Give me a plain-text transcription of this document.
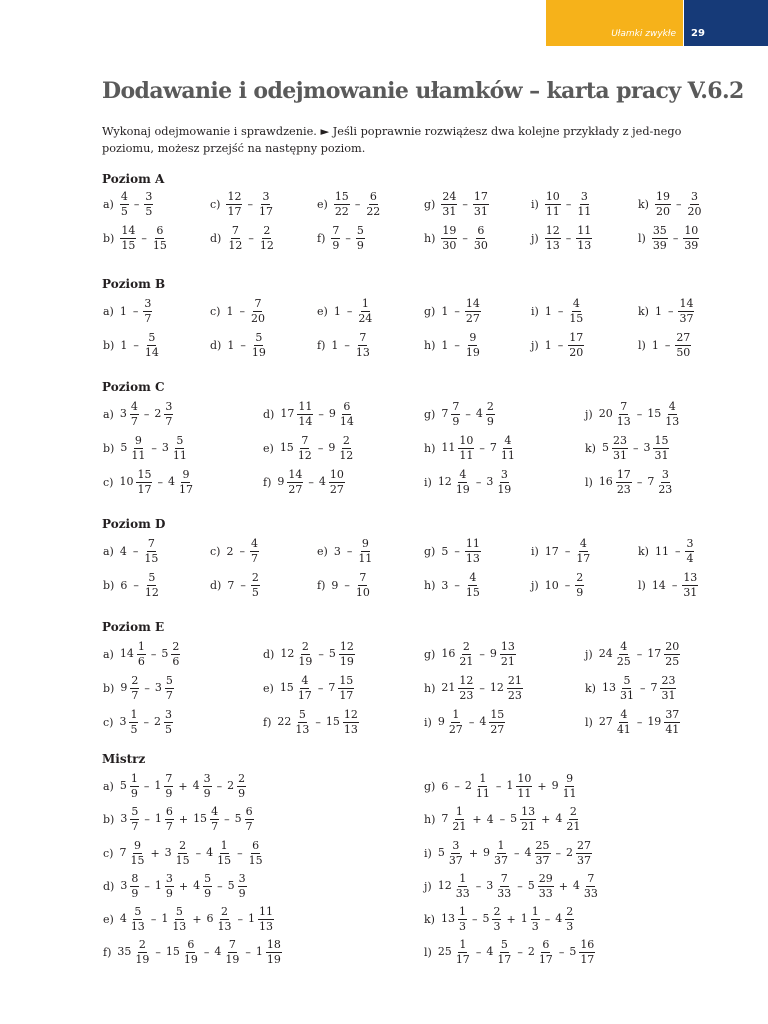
Ułamki zwykłe 29
Dodawanie i odejmowanie ułamków – karta pracy V.6.2

Wykonaj odejmowanie i sprawdzenie. ► Jeśli poprawnie rozwiążesz dwa kolejne przykłady z jed-nego poziomu, możesz przejść na następny poziom.

Poziom A
$a) \frac{4}{5} - \frac{3}{5}$	$c) \frac{12}{17} - \frac{3}{17}$	$e) \frac{15}{22} - \frac{6}{22}$	$g) \frac{24}{31} - \frac{17}{31}$	$i) \frac{10}{11} - \frac{3}{11}$	$k) \frac{19}{20} - \frac{3}{20}$
$b) \frac{14}{15} - \frac{6}{15}$	$d) \frac{7}{12} - \frac{2}{12}$	$f) \frac{7}{9} - \frac{5}{9}$	$h) \frac{19}{30} - \frac{6}{30}$	$j) \frac{12}{13} - \frac{11}{13}$	$l) \frac{35}{39} - \frac{10}{39}$
Poziom B
a) $1 - \frac{3}{7}$	c) $1 - \frac{7}{20}$	e) $1 - \frac{1}{24}$	g) $1 - \frac{14}{27}$	i) $1 - \frac{4}{15}$	k) $1 - \frac{14}{37}$
b) $1 - \frac{5}{14}$	d) $1 - \frac{5}{19}$	f) $1 - \frac{7}{13}$	h) $1 - \frac{9}{19}$	j) $1 - \frac{17}{20}$	l) $1 - \frac{27}{50}$
Poziom C
a) $3 \frac{4}{7} - 2 \frac{3}{7}$	d) $17 \frac{11}{14} - 9 \frac{6}{14}$	g) $7 \frac{7}{9} - 4 \frac{2}{9}$	j) $20 \frac{7}{13} - 15 \frac{4}{13}$
b) $5 \frac{9}{11} - 3 \frac{5}{11}$	e) $15 \frac{7}{12} - 9 \frac{2}{12}$	h) $11 \frac{10}{11} - 7 \frac{4}{11}$	k) $5 \frac{23}{31} - 3 \frac{15}{31}$
c) $10 \frac{15}{17} - 4 \frac{9}{17}$	f) $9 \frac{14}{27} - 4 \frac{10}{27}$	i) $12 \frac{4}{19} - 3 \frac{3}{19}$	l) $16 \frac{17}{23} - 7 \frac{3}{23}$
Poziom D
a) $4 - \frac{7}{15}$	c) $2 - \frac{4}{7}$	e) $3 - \frac{9}{11}$	g) $5 - \frac{11}{13}$	i) $17 - \frac{4}{17}$	k) $11 - \frac{3}{4}$
b) $6 - \frac{5}{12}$	d) $7 - \frac{2}{5}$	f) $9 - \frac{7}{10}$	h) $3 - \frac{4}{15}$	j) $10 - \frac{2}{9}$	l) $14 - \frac{13}{31}$
Poziom E
a) $14 \frac{1}{6} - 5 \frac{2}{6}$	d) $12 \frac{2}{19} - 5 \frac{12}{19}$	g) $16 \frac{2}{21} - 9 \frac{13}{21}$	j) $24 \frac{4}{25} - 17 \frac{20}{25}$
b) $9 \frac{2}{7} - 3 \frac{5}{7}$	e) $15 \frac{4}{17} - 7 \frac{15}{17}$	h) $21 \frac{12}{23} - 12 \frac{21}{23}$	k) $13 \frac{5}{31} - 7 \frac{23}{31}$
c) $3 \frac{1}{5} - 2 \frac{3}{5}$	f) $22 \frac{5}{13} - 15 \frac{12}{13}$	i) $9 \frac{1}{27} - 4 \frac{15}{27}$	l) $27 \frac{4}{41} - 19 \frac{37}{41}$
Mistrz
a) $5 \frac{1}{9} - 1 \frac{7}{9} + 4 \frac{3}{9} - 2 \frac{2}{9}$	g) $6 - 2 \frac{1}{11} - 1 \frac{10}{11} + 9 \frac{9}{11}$
b) $3 \frac{5}{7} - 1 \frac{6}{7} + 15 \frac{4}{7} - 5 \frac{6}{7}$	h) $7 \frac{1}{21} + 4 - 5 \frac{13}{21} + 4 \frac{2}{21}$
c) $7 \frac{9}{15} + 3 \frac{2}{15} - 4 \frac{1}{15} - \frac{6}{15}$	i) $5 \frac{3}{37} + 9 \frac{1}{37} - 4 \frac{25}{37} - 2 \frac{27}{37}$
d) $3 \frac{8}{9} - 1 \frac{3}{9} + 4 \frac{5}{9} - 5 \frac{3}{9}$	j) $12 \frac{1}{33} - 3 \frac{7}{33} - 5 \frac{29}{33} + 4 \frac{7}{33}$
e) $4 \frac{5}{13} - 1 \frac{5}{13} + 6 \frac{2}{13} - 1 \frac{11}{13}$	k) $13 \frac{1}{3} - 5 \frac{2}{3} + 1 \frac{1}{3} - 4 \frac{2}{3}$
f) $35 \frac{2}{19} - 15 \frac{6}{19} - 4 \frac{7}{19} - 1 \frac{18}{19}$	l) $25 \frac{1}{17} - 4 \frac{5}{17} - 2 \frac{6}{17} - 5 \frac{16}{17}$
